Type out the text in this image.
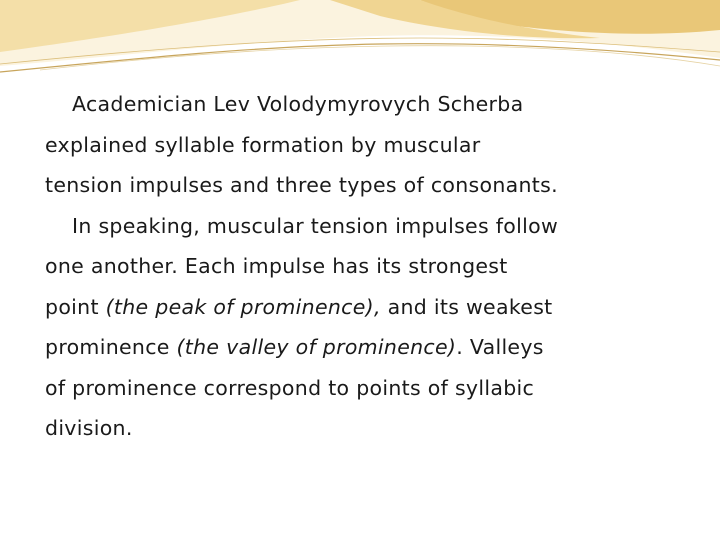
Academician Lev Volodymyrovych Scherba
explained syllable formation by muscular
tension impulses and three types of consonants.
In speaking, muscular tension impulses follow
one another. Each impulse has its strongest
point (the peak of prominence), and its weakest
prominence (the valley of prominence). Valleys
of prominence correspond to points of syllabic
division.
